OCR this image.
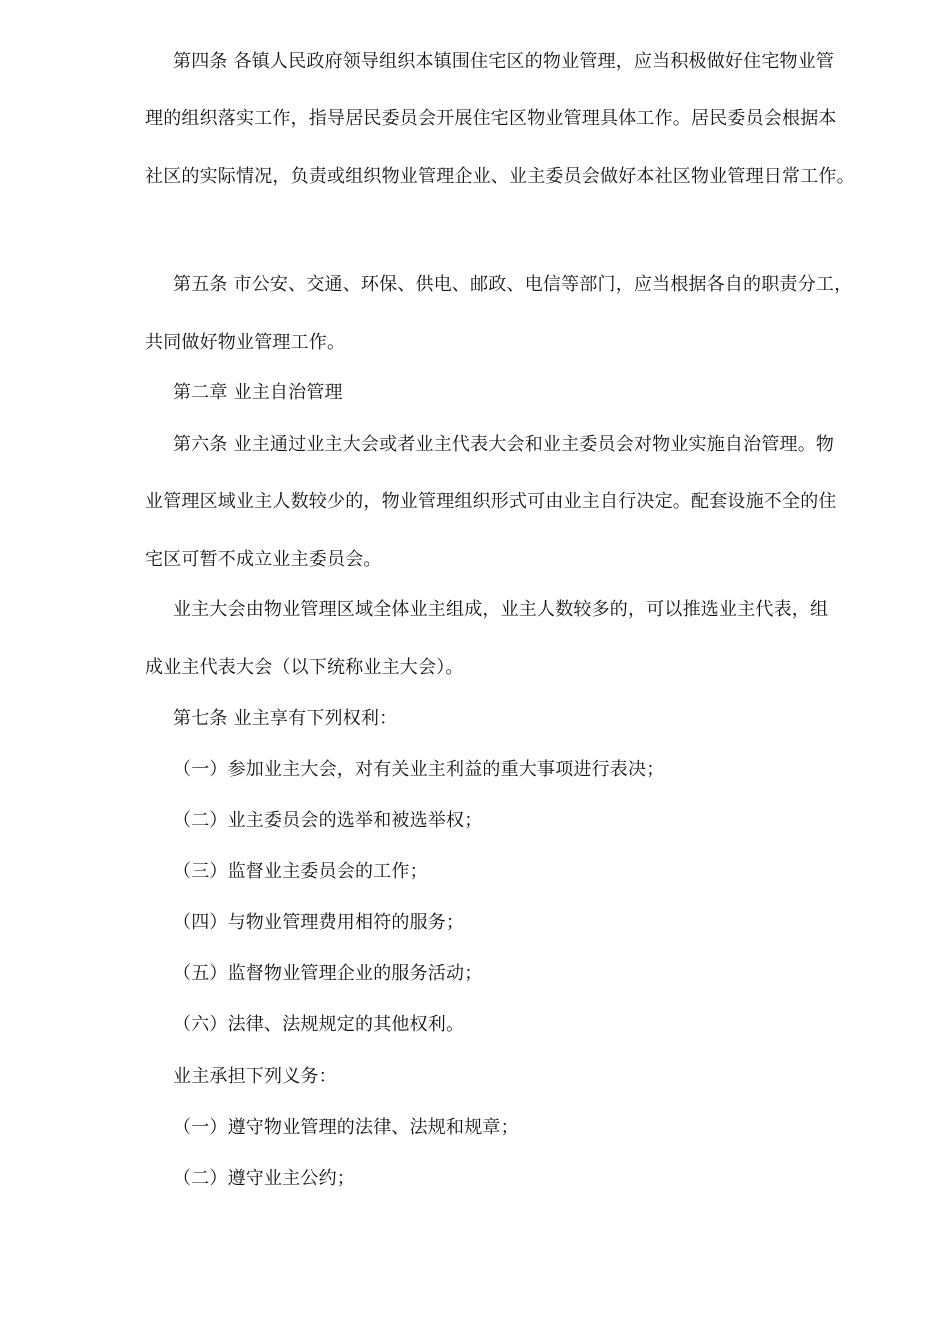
第四条 各镇人民政府领导组织本镇围住宅区的物业管理，应当积极做好住宅物业管

理的组织落实工作，指导居民委员会开展住宅区物业管理具体工作。居民委员会根据本

社区的实际情况，负责或组织物业管理企业、业主委员会做好本社区物业管理日常工作。

第五条 市公安、交通、环保、供电、邮政、电信等部门，应当根据各自的职责分工，

共同做好物业管理工作。

第二章 业主自治管理

第六条 业主通过业主大会或者业主代表大会和业主委员会对物业实施自治管理。物

业管理区域业主人数较少的，物业管理组织形式可由业主自行决定。配套设施不全的住

宅区可暂不成立业主委员会。

业主大会由物业管理区域全体业主组成，业主人数较多的，可以推选业主代表，组

成业主代表大会（以下统称业主大会）。

第七条 业主享有下列权利：

（一）参加业主大会，对有关业主利益的重大事项进行表决；

（二）业主委员会的选举和被选举权；

（三）监督业主委员会的工作；

（四）与物业管理费用相符的服务；

（五）监督物业管理企业的服务活动；

（六）法律、法规规定的其他权利。

业主承担下列义务：

（一）遵守物业管理的法律、法规和规章；

（二）遵守业主公约；
